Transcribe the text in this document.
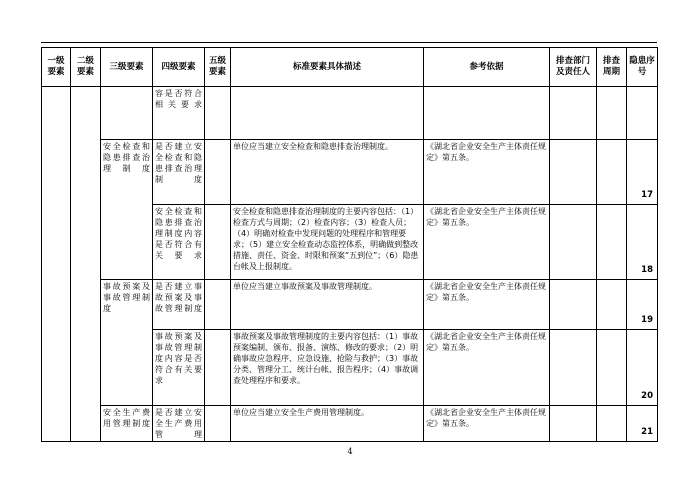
一级要素	二级要素	三级要素	四级要素	五级要素	标准要素具体描述	参考依据	排查部门及责任人	排查周期	隐患序号
			容是否符合相关要求						
		安全检查和隐患排查治理制度	是否建立安全检查和隐患排查治理制度		单位应当建立安全检查和隐患排查治理制度。	《湖北省企业安全生产主体责任规定》第五条。			17
			安全检查和隐患排查治理制度内容是否符合有关要求		安全检查和隐患排查治理制度的主要内容包括：（1）检查方式与周期；（2）检查内容；（3）检查人员；（4）明确对检查中发现问题的处理程序和管理要求；（5）建立安全检查动态监控体系，明确做到整改措施、责任、资金、时限和预案“五到位”；（6）隐患台帐及上报制度。	《湖北省企业安全生产主体责任规定》第五条。			18
		事故预案及事故管理制度	是否建立事故预案及事故管理制度		单位应当建立事故预案及事故管理制度。	《湖北省企业安全生产主体责任规定》第五条。			19
			事故预案及事故管理制度内容是否符合有关要求		事故预案及事故管理制度的主要内容包括：（1）事故预案编制、颁布、报备、演练、修改的要求；（2）明确事故应急程序、应急设施、抢险与救护；（3）事故分类、管理分工、统计台帐、报告程序；（4）事故调查处理程序和要求。	《湖北省企业安全生产主体责任规定》第五条。			20
		安全生产费用管理制度	是否建立安全生产费用管理		单位应当建立安全生产费用管理制度。	《湖北省企业安全生产主体责任规定》第五条。			21
4
